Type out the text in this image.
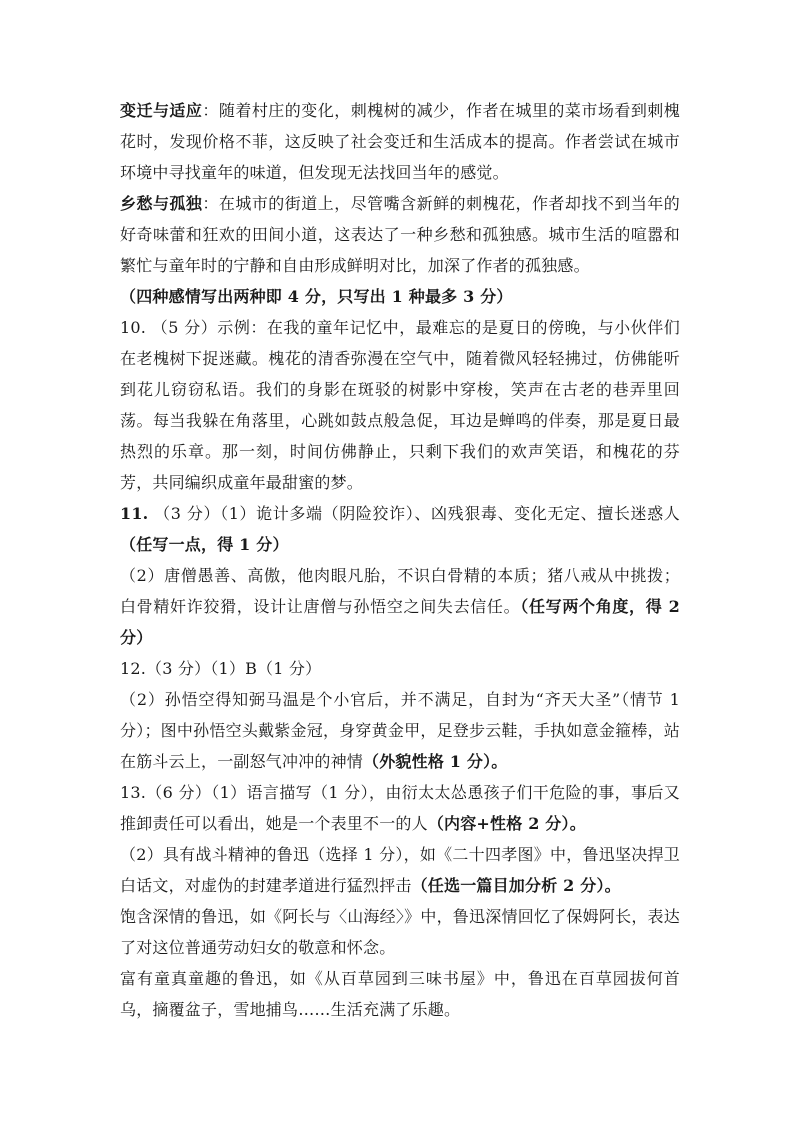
变迁与适应：随着村庄的变化，刺槐树的减少，作者在城里的菜市场看到刺槐花时，发现价格不菲，这反映了社会变迁和生活成本的提高。作者尝试在城市环境中寻找童年的味道，但发现无法找回当年的感觉。

乡愁与孤独：在城市的街道上，尽管嘴含新鲜的刺槐花，作者却找不到当年的好奇味蕾和狂欢的田间小道，这表达了一种乡愁和孤独感。城市生活的喧嚣和繁忙与童年时的宁静和自由形成鲜明对比，加深了作者的孤独感。

（四种感情写出两种即 4 分，只写出 1 种最多 3 分）

10. （5 分）示例：在我的童年记忆中，最难忘的是夏日的傍晚，与小伙伴们在老槐树下捉迷藏。槐花的清香弥漫在空气中，随着微风轻轻拂过，仿佛能听到花儿窃窃私语。我们的身影在斑驳的树影中穿梭，笑声在古老的巷弄里回荡。每当我躲在角落里，心跳如鼓点般急促，耳边是蝉鸣的伴奏，那是夏日最热烈的乐章。那一刻，时间仿佛静止，只剩下我们的欢声笑语，和槐花的芬芳，共同编织成童年最甜蜜的梦。

11. （3 分）（1）诡计多端（阴险狡诈）、凶残狠毒、变化无定、擅长迷惑人（任写一点，得 1 分）

（2）唐僧愚善、高傲，他肉眼凡胎，不识白骨精的本质；猪八戒从中挑拨；白骨精奸诈狡猾，设计让唐僧与孙悟空之间失去信任。（任写两个角度，得 2 分）

12.（3 分）（1）B（1 分）

（2）孙悟空得知弼马温是个小官后，并不满足，自封为“齐天大圣”（情节 1 分）；图中孙悟空头戴紫金冠，身穿黄金甲，足登步云鞋，手执如意金箍棒，站在筋斗云上，一副怒气冲冲的神情（外貌性格 1 分）。

13.（6 分）（1）语言描写（1 分），由衍太太怂恿孩子们干危险的事，事后又推卸责任可以看出，她是一个表里不一的人（内容+性格 2 分）。

（2）具有战斗精神的鲁迅（选择 1 分），如《二十四孝图》中，鲁迅坚决捍卫白话文，对虚伪的封建孝道进行猛烈抨击（任选一篇目加分析 2 分）。

饱含深情的鲁迅，如《阿长与〈山海经〉》中，鲁迅深情回忆了保姆阿长，表达了对这位普通劳动妇女的敬意和怀念。

富有童真童趣的鲁迅，如《从百草园到三味书屋》中，鲁迅在百草园拔何首乌，摘覆盆子，雪地捕鸟……生活充满了乐趣。
